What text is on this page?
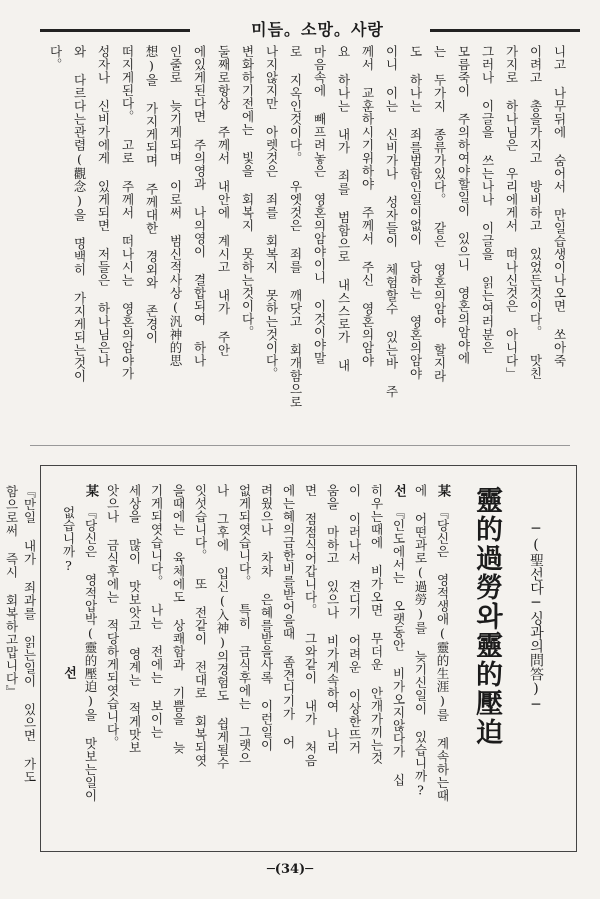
미듬。소망。사랑
니고 나무뒤에 숨어서 만일습생이나오면 쏘아죽
이려고 총을가지고 방비하고 있었든것이다。 맛친
가지로 하나님은 우리에게서 떠나신것은 아니다」
그러나 이글을 쓰는나나 이글을 읽는여러분은
모름죽이 주의하여야할일이 있으니 영혼의암야에
는 두가지 종류가있다。 같은 영혼의암야 할지라
도 하나는 죄를범함인일이없이 당하는 영혼의암야
이니 이는 신비가나 성자들이 체험할수 있는바 주
께서 교훈하시기위하야 주께서 주신 영혼의암야
요 하나는 내가 죄를 범함으로 내스스로가 내
마음속에 빼프려놓은 영혼의암야이니 이것이야말
로 지옥인것이다。 우엣것은 죄를 깨닷고 회개함으로
나지않지만 아렛것은 죄를 회복지 못하는것이다。
변화하기전에는 빛을 회복지 못하는것이다。
둘째로항상 주께서 내안에 계시고 내가 주안
에있게된다면 주의영과 나의영이 결합되여 하나
인줄로 늦기게되며 이로써 범신적사상(汎神的思
想)을 가지게되며 주께대한 경외와 존경이
떠지게된다。 고로 주께서 떠나시는 영혼의암야가
성자나 신비가에게 있게되면 저들은 하나님은나
와 다르다는관렴(觀念)을 명백히 가지게되는것이
다。
靈的過勞와靈的壓迫 ─(聖선다─싱과의問答)─
某
『당신은 영적생애(靈的生涯)를 계속하는때
에 어떤과로(過勞)를 늦기신일이 있습니까?
선
『인도에서는 오랫동안 비가오지않다가 십
히우는때에 비가오면 무더운 안개가끼는것
이 이러나서 견디기 어려운 이상한뜨거
움을 마하고 있으나 비가게속하여 나리
면 점점식어갑니다。 그와같이 내가 처음
에는혜의금한비를받어을때 좀견디기가 어
려웠으나 차차 은혜를받을사록 이런일이
없게되엿습니다。 특히 금식후에는 그랫으
나 그후에 입신(入神)의경험도 쉽게될수
잇섯습니다。 또 전같이 전대로 회복되엿
을때에는 육체에도 상쾌함과 기쁨을 늦
기게되엿습니다。 나는 전에는 보이는
세상을 많이 맛보앗고 영계는 적게맛보
앗으나 금식후에는 적당하게되엿습니다。
某
『당신은 영적압박(靈的壓迫)을 맛보는일이
없습니까?
선
『만일 내가 죄과를 읽는일이 있으면 가도
함으로써 즉시 회복하고맙니다』
─(34)─
